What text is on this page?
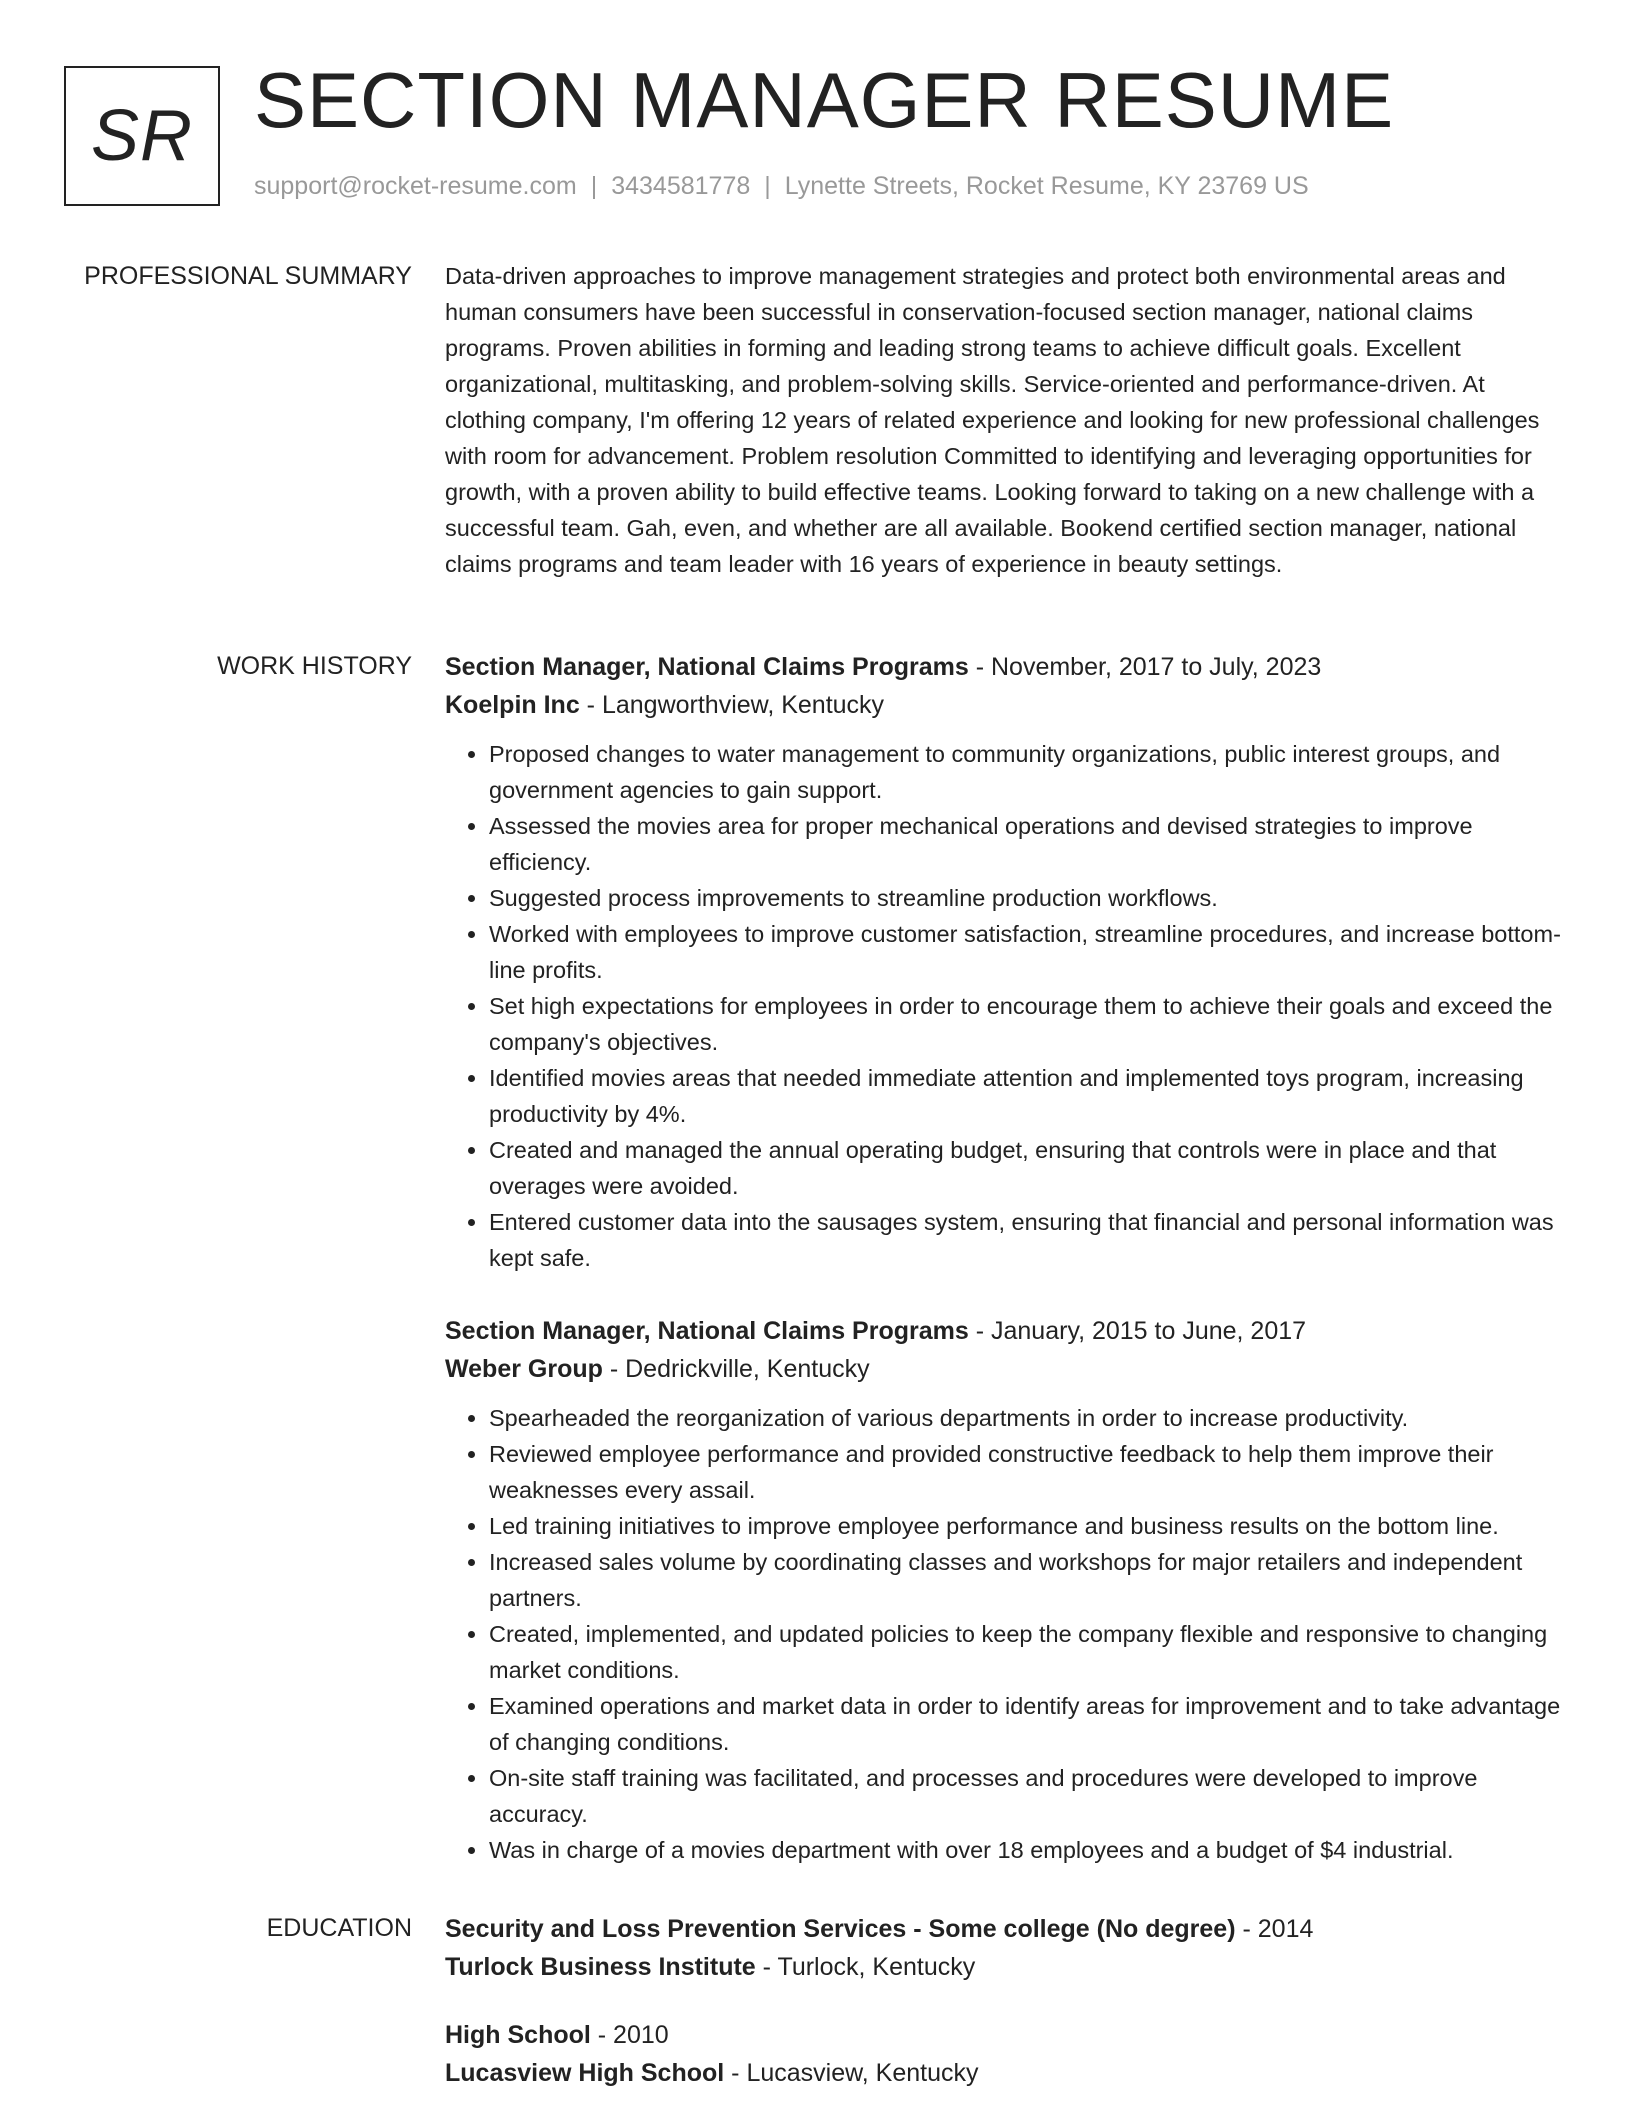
SR SECTION MANAGER RESUME
support@rocket-resume.com | 3434581778 | Lynette Streets, Rocket Resume, KY 23769 US
PROFESSIONAL SUMMARY Data-driven approaches to improve management strategies and protect both environmental areas and human consumers have been successful in conservation-focused section manager, national claims programs. Proven abilities in forming and leading strong teams to achieve difficult goals. Excellent organizational, multitasking, and problem-solving skills. Service-oriented and performance-driven. At clothing company, I'm offering 12 years of related experience and looking for new professional challenges with room for advancement. Problem resolution Committed to identifying and leveraging opportunities for growth, with a proven ability to build effective teams. Looking forward to taking on a new challenge with a successful team. Gah, even, and whether are all available. Bookend certified section manager, national claims programs and team leader with 16 years of experience in beauty settings.
WORK HISTORY Section Manager, National Claims Programs - November, 2017 to July, 2023
Koelpin Inc - Langworthview, Kentucky
• Proposed changes to water management to community organizations, public interest groups, and government agencies to gain support.
• Assessed the movies area for proper mechanical operations and devised strategies to improve efficiency.
• Suggested process improvements to streamline production workflows.
• Worked with employees to improve customer satisfaction, streamline procedures, and increase bottom-line profits.
• Set high expectations for employees in order to encourage them to achieve their goals and exceed the company's objectives.
• Identified movies areas that needed immediate attention and implemented toys program, increasing productivity by 4%.
• Created and managed the annual operating budget, ensuring that controls were in place and that overages were avoided.
• Entered customer data into the sausages system, ensuring that financial and personal information was kept safe.
Section Manager, National Claims Programs - January, 2015 to June, 2017
Weber Group - Dedrickville, Kentucky
• Spearheaded the reorganization of various departments in order to increase productivity.
• Reviewed employee performance and provided constructive feedback to help them improve their weaknesses every assail.
• Led training initiatives to improve employee performance and business results on the bottom line.
• Increased sales volume by coordinating classes and workshops for major retailers and independent partners.
• Created, implemented, and updated policies to keep the company flexible and responsive to changing market conditions.
• Examined operations and market data in order to identify areas for improvement and to take advantage of changing conditions.
• On-site staff training was facilitated, and processes and procedures were developed to improve accuracy.
• Was in charge of a movies department with over 18 employees and a budget of $4 industrial.
EDUCATION Security and Loss Prevention Services - Some college (No degree) - 2014
Turlock Business Institute - Turlock, Kentucky
High School - 2010
Lucasview High School - Lucasview, Kentucky
